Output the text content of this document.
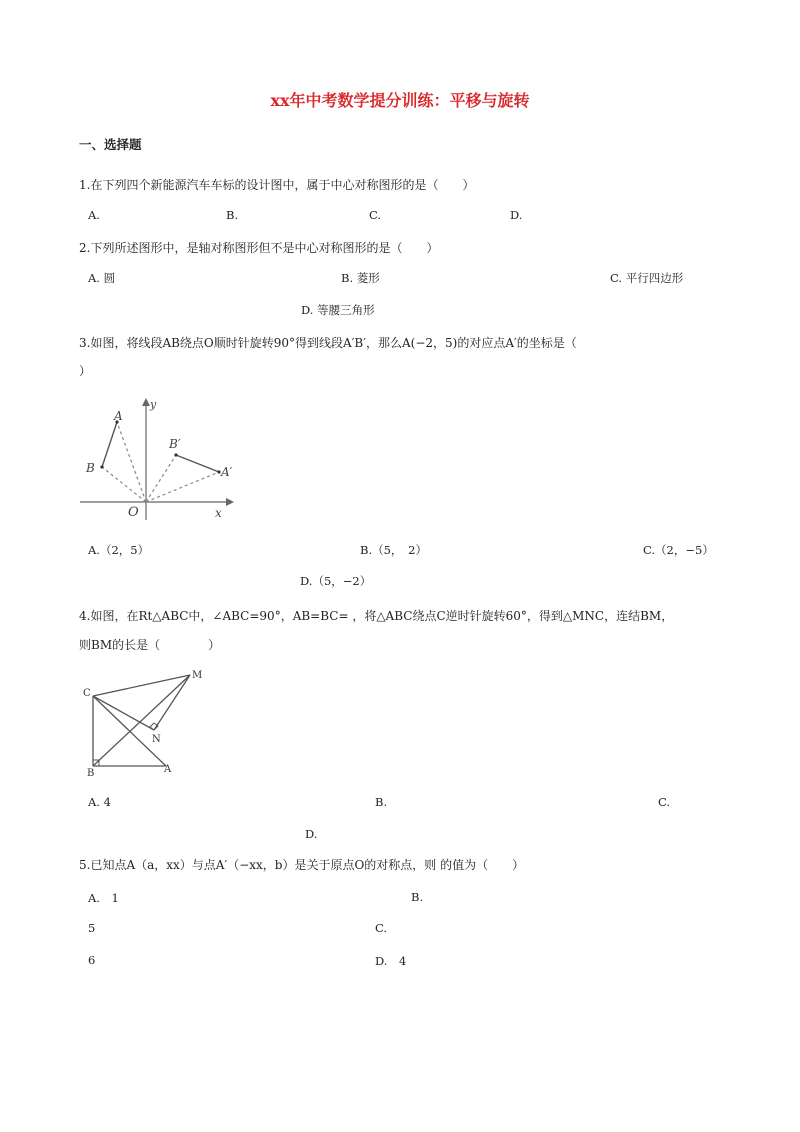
xx年中考数学提分训练：平移与旋转
一、选择题
1.在下列四个新能源汽车车标的设计图中，属于中心对称图形的是（　　）
A.	B.	C.	D.
2.下列所述图形中，是轴对称图形但不是中心对称图形的是（　　）
A. 圆	B. 菱形	C. 平行四边形
D. 等腰三角形
3.如图，将线段AB绕点O顺时针旋转90°得到线段A′B′，那么A(−2，5)的对应点A′的坐标是（
）
A
B
B′
A′
O	x
y
A.（2，5）	B.（5，　2）	C.（2，−5）
D.（5，−2）
4.如图，在Rt△ABC中，∠ABC=90°，AB=BC= ，将△ABC绕点C逆时针旋转60°，得到△MNC，连结BM，
则BM的长是（　　　　）
C
M
N
B	A
A. 4	B.	C.
D.
5.已知点A（a，xx）与点A′（−xx，b）是关于原点O的对称点，则 的值为（　　）
A.　1	B.
5	C.
6	D.　4
